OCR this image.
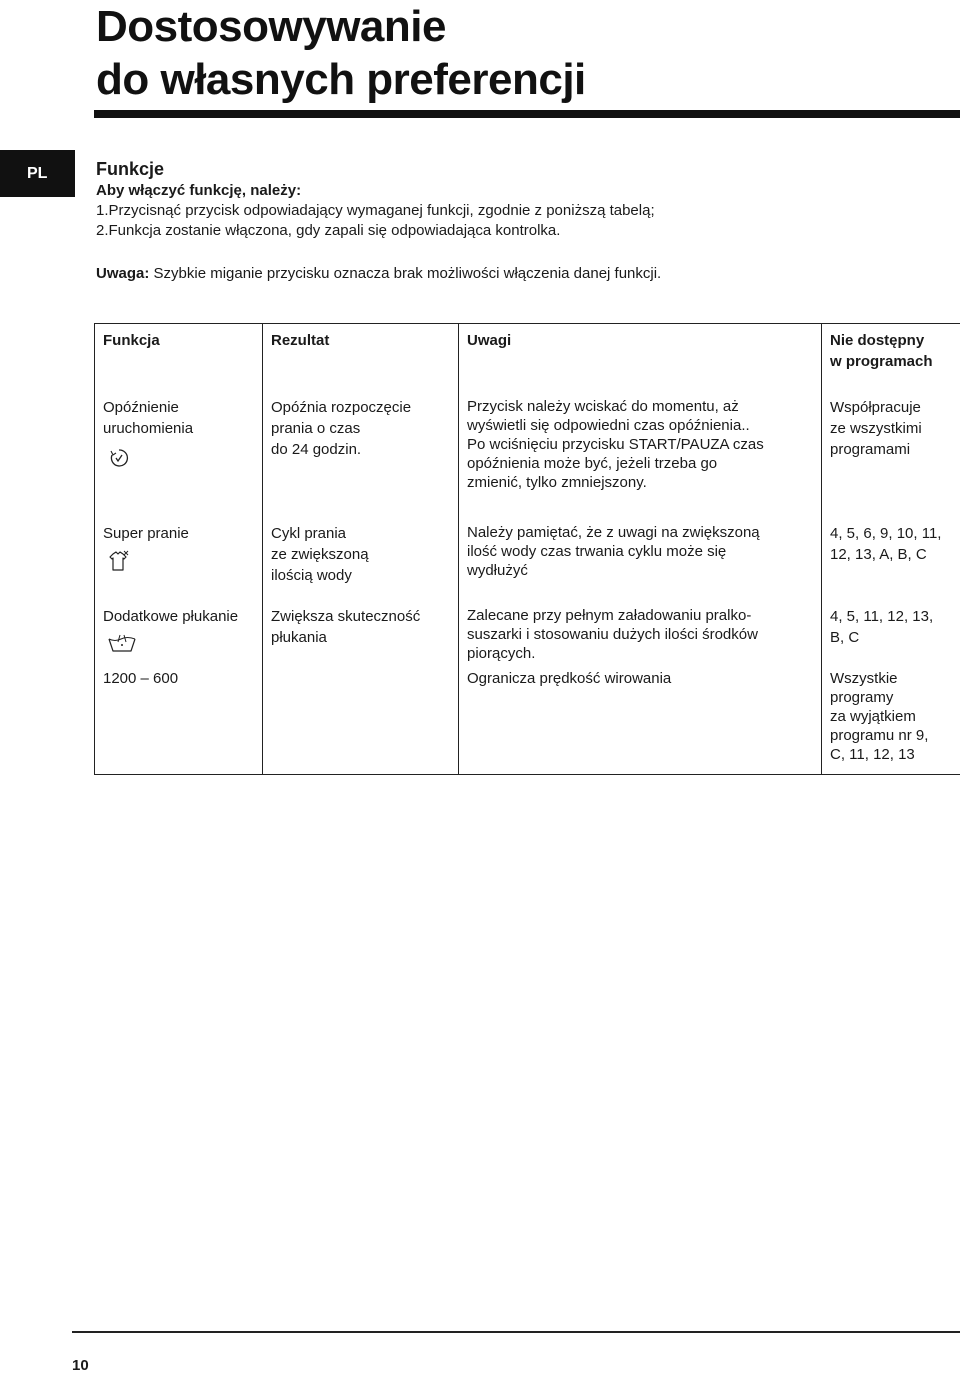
Dostosowywanie
do własnych preferencji
PL	Funkcje
Aby włączyć funkcję, należy:
1.Przycisnąć przycisk odpowiadający wymaganej funkcji, zgodnie z poniższą tabelą;
2.Funkcja zostanie włączona, gdy zapali się odpowiadająca kontrolka.
Uwaga: Szybkie miganie przycisku oznacza brak możliwości włączenia danej funkcji.
Funkcja	Rezultat	Uwagi	Nie dostępny
w programach

Opóźnienie
uruchomienia	Opóźnia rozpoczęcie
prania o czas
do 24 godzin.	Przycisk należy wciskać do momentu, aż
wyświetli się odpowiedni czas opóźnienia..
Po wciśnięciu przycisku START/PAUZA czas
opóźnienia może być, jeżeli trzeba go
zmienić, tylko zmniejszony.	Współpracuje
ze wszystkimi
programami

Super pranie	Cykl prania
ze zwiększoną
ilością wody	Należy pamiętać, że z uwagi na zwiększoną
ilość wody czas trwania cyklu może się
wydłużyć	4, 5, 6, 9, 10, 11,
12, 13, A, B, C

Dodatkowe płukanie	Zwiększa skuteczność
płukania	Zalecane przy pełnym załadowaniu pralko-
suszarki i stosowaniu dużych ilości środków
piorących.	4, 5, 11, 12, 13,
B, C

1200 – 600		Ogranicza prędkość wirowania	Wszystkie
programy
za wyjątkiem
programu nr 9,
C, 11, 12, 13
10
